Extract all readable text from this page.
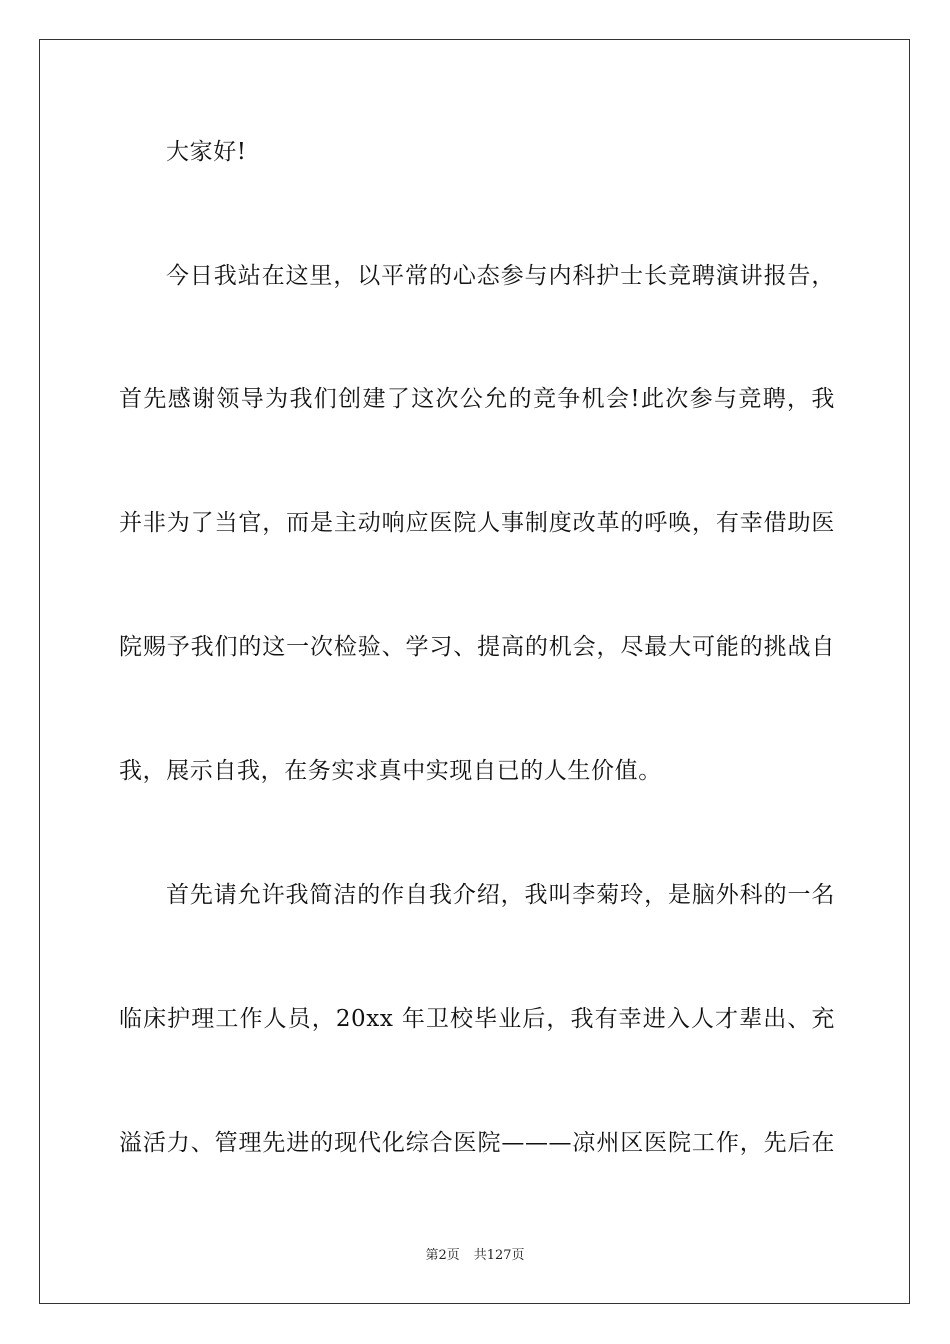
大家好!
今日我站在这里，以平常的心态参与内科护士长竞聘演讲报告，
首先感谢领导为我们创建了这次公允的竞争机会!此次参与竞聘，我
并非为了当官，而是主动响应医院人事制度改革的呼唤，有幸借助医
院赐予我们的这一次检验、学习、提高的机会，尽最大可能的挑战自
我，展示自我，在务实求真中实现自已的人生价值。
首先请允许我简洁的作自我介绍，我叫李菊玲，是脑外科的一名
临床护理工作人员，20xx 年卫校毕业后，我有幸进入人才辈出、充
溢活力、管理先进的现代化综合医院———凉州区医院工作，先后在
第2页 共127页
